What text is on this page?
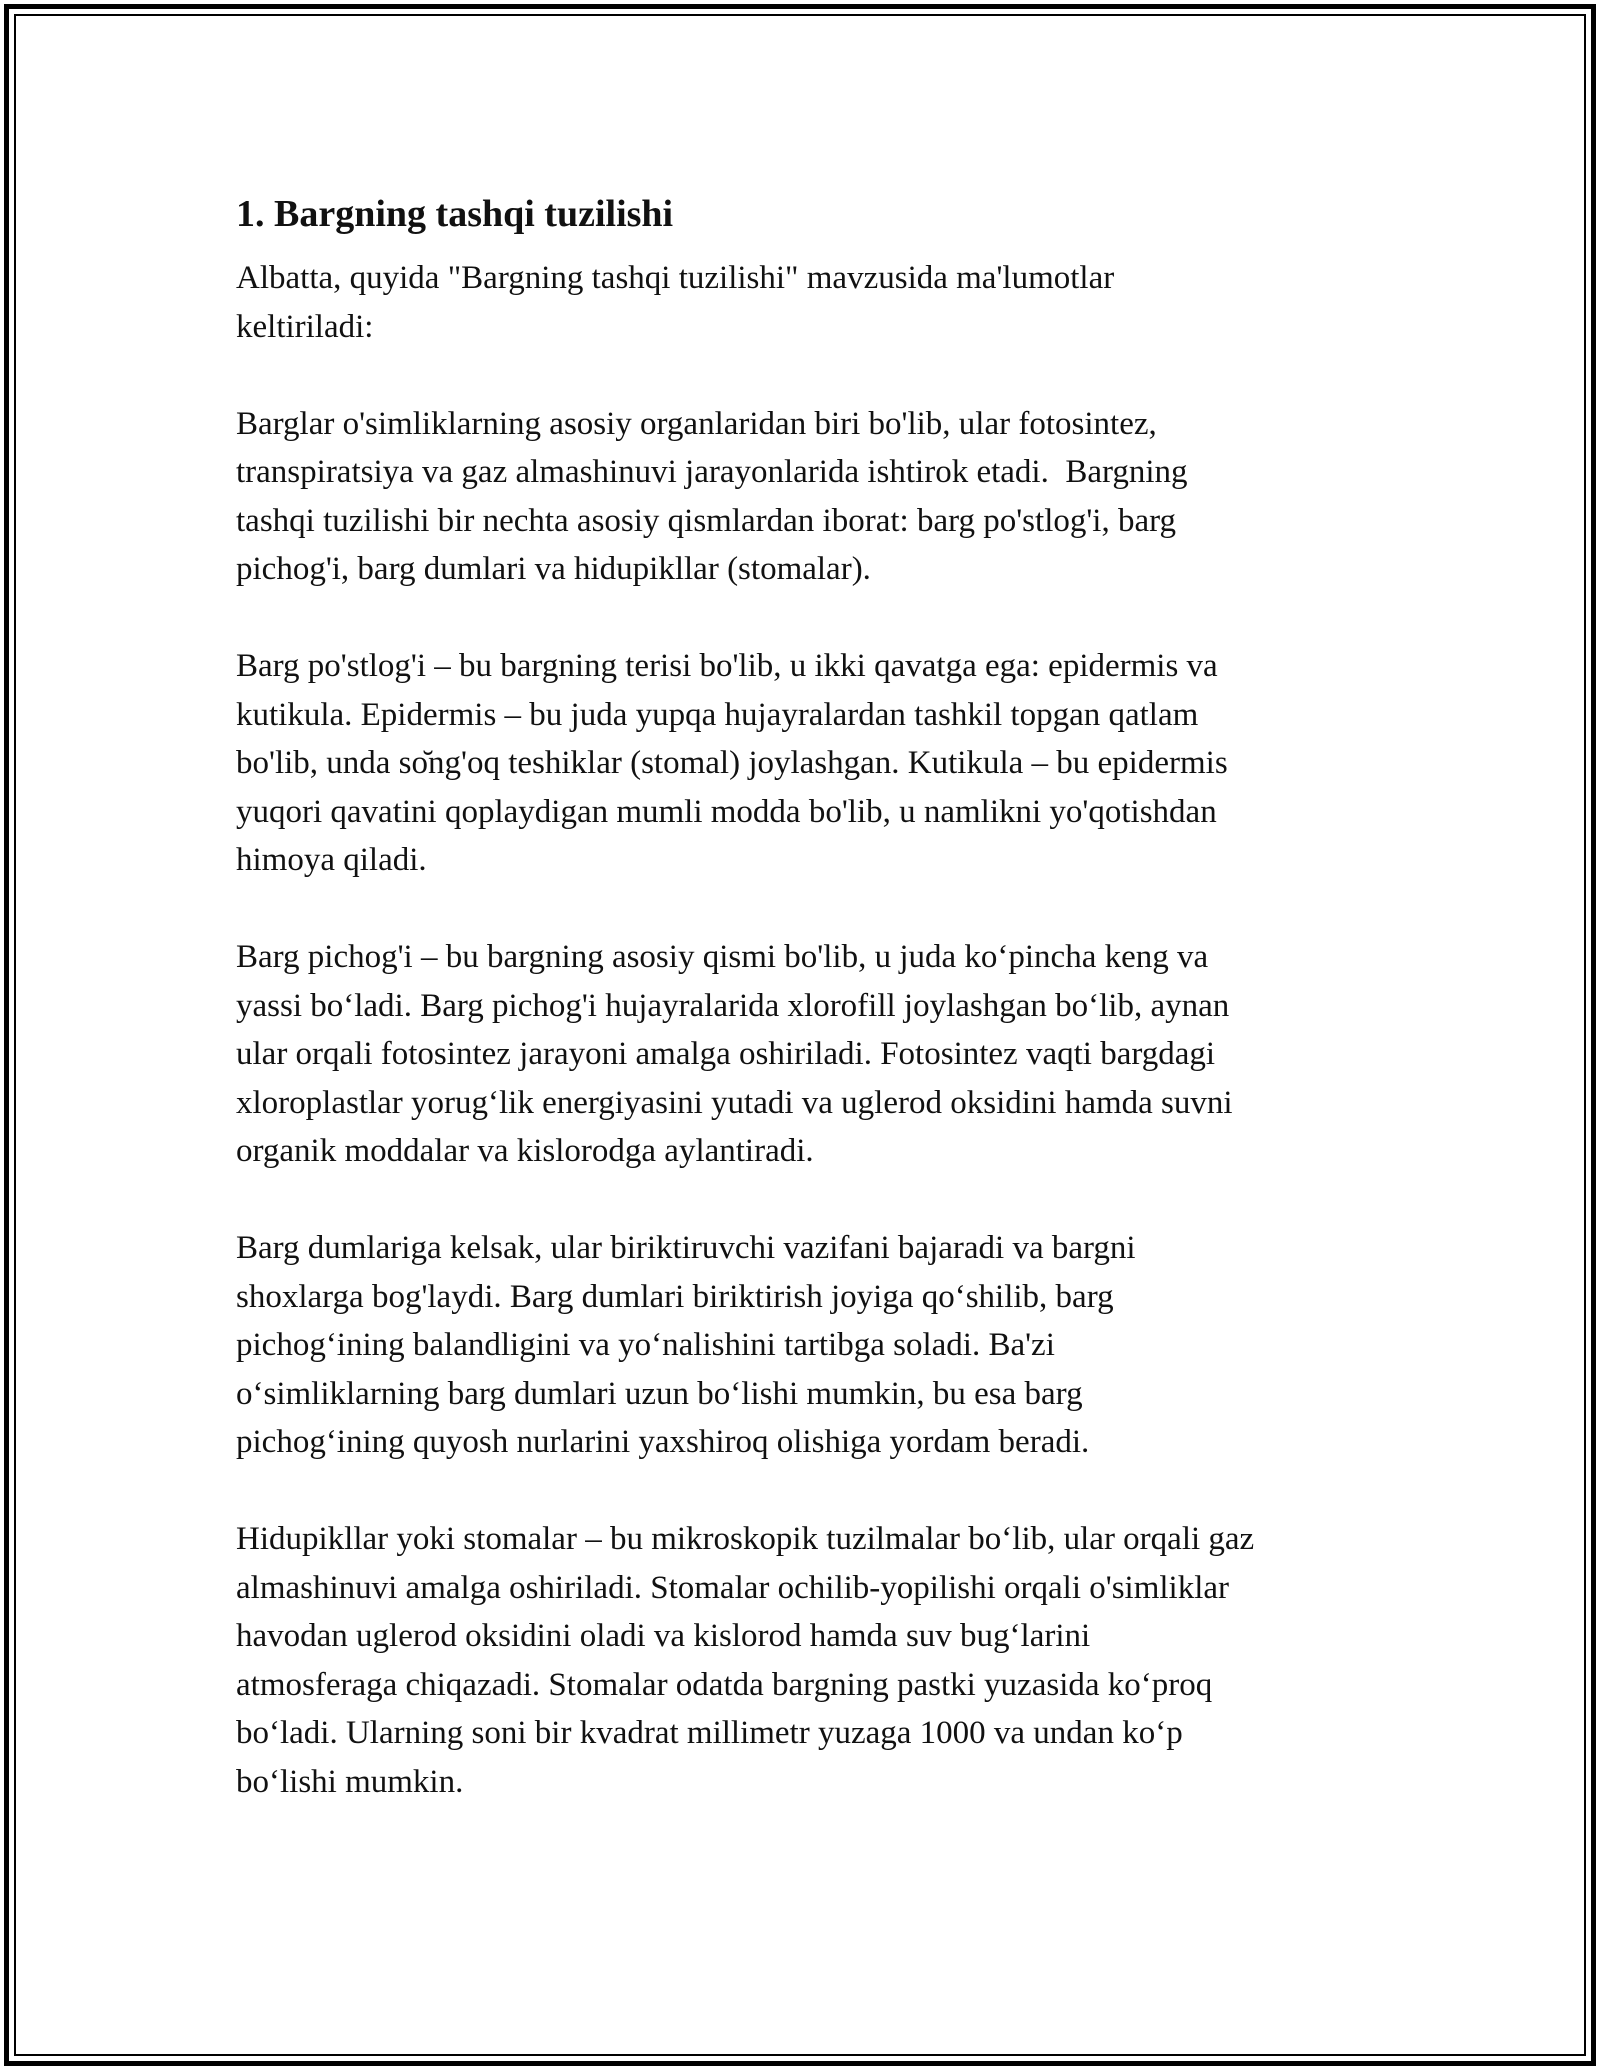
1. Bargning tashqi tuzilishi

Albatta, quyida "Bargning tashqi tuzilishi" mavzusida ma'lumotlar
keltiriladi:

Barglar o'simliklarning asosiy organlaridan biri bo'lib, ular fotosintez,
transpiratsiya va gaz almashinuvi jarayonlarida ishtirok etadi.  Bargning
tashqi tuzilishi bir nechta asosiy qismlardan iborat: barg po'stlog'i, barg
pichog'i, barg dumlari va hidupikllar (stomalar).

Barg po'stlog'i – bu bargning terisi bo'lib, u ikki qavatga ega: epidermis va
kutikula. Epidermis – bu juda yupqa hujayralardan tashkil topgan qatlam
bo'lib, unda sо̆ng'oq teshiklar (stomal) joylashgan. Kutikula – bu epidermis
yuqori qavatini qoplaydigan mumli modda bo'lib, u namlikni yo'qotishdan
himoya qiladi.

Barg pichog'i – bu bargning asosiy qismi bo'lib, u juda koʻpincha keng va
yassi boʻladi. Barg pichog'i hujayralarida xlorofill joylashgan boʻlib, aynan
ular orqali fotosintez jarayoni amalga oshiriladi. Fotosintez vaqti bargdagi
xloroplastlar yorugʻlik energiyasini yutadi va uglerod oksidini hamda suvni
organik moddalar va kislorodga aylantiradi.

Barg dumlariga kelsak, ular biriktiruvchi vazifani bajaradi va bargni
shoxlarga bog'laydi. Barg dumlari biriktirish joyiga qoʻshilib, barg
pichogʻining balandligini va yoʻnalishini tartibga soladi. Ba'zi
oʻsimliklarning barg dumlari uzun boʻlishi mumkin, bu esa barg
pichogʻining quyosh nurlarini yaxshiroq olishiga yordam beradi.

Hidupikllar yoki stomalar – bu mikroskopik tuzilmalar boʻlib, ular orqali gaz
almashinuvi amalga oshiriladi. Stomalar ochilib-yopilishi orqali o'simliklar
havodan uglerod oksidini oladi va kislorod hamda suv bugʻlarini
atmosferaga chiqazadi. Stomalar odatda bargning pastki yuzasida koʻproq
boʻladi. Ularning soni bir kvadrat millimetr yuzaga 1000 va undan koʻp
boʻlishi mumkin.
